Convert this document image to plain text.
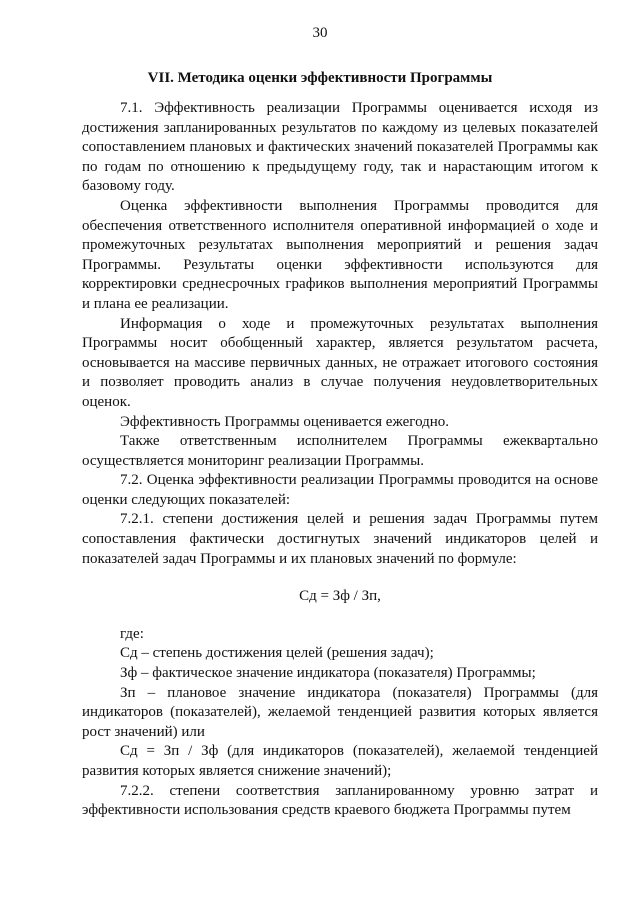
30
VII. Методика оценки эффективности Программы

7.1. Эффективность реализации Программы оценивается исходя из достижения запланированных результатов по каждому из целевых показателей сопоставлением плановых и фактических значений показателей Программы как по годам по отношению к предыдущему году, так и нарастающим итогом к базовому году.

Оценка эффективности выполнения Программы проводится для обеспечения ответственного исполнителя оперативной информацией о ходе и промежуточных результатах выполнения мероприятий и решения задач Программы. Результаты оценки эффективности используются для корректировки среднесрочных графиков выполнения мероприятий Программы и плана ее реализации.

Информация о ходе и промежуточных результатах выполнения Программы носит обобщенный характер, является результатом расчета, основывается на массиве первичных данных, не отражает итогового состояния и позволяет проводить анализ в случае получения неудовлетворительных оценок.

Эффективность Программы оценивается ежегодно.

Также ответственным исполнителем Программы ежеквартально осуществляется мониторинг реализации Программы.

7.2. Оценка эффективности реализации Программы проводится на основе оценки следующих показателей:

7.2.1. степени достижения целей и решения задач Программы путем сопоставления фактически достигнутых значений индикаторов целей и показателей задач Программы и их плановых значений по формуле:

Сд = Зф / Зп,

где:

Сд – степень достижения целей (решения задач);

Зф – фактическое значение индикатора (показателя) Программы;

Зп – плановое значение индикатора (показателя) Программы (для индикаторов (показателей), желаемой тенденцией развития которых является рост значений) или

Сд = Зп / Зф (для индикаторов (показателей), желаемой тенденцией развития которых является снижение значений);

7.2.2. степени соответствия запланированному уровню затрат и эффективности использования средств краевого бюджета Программы путем
